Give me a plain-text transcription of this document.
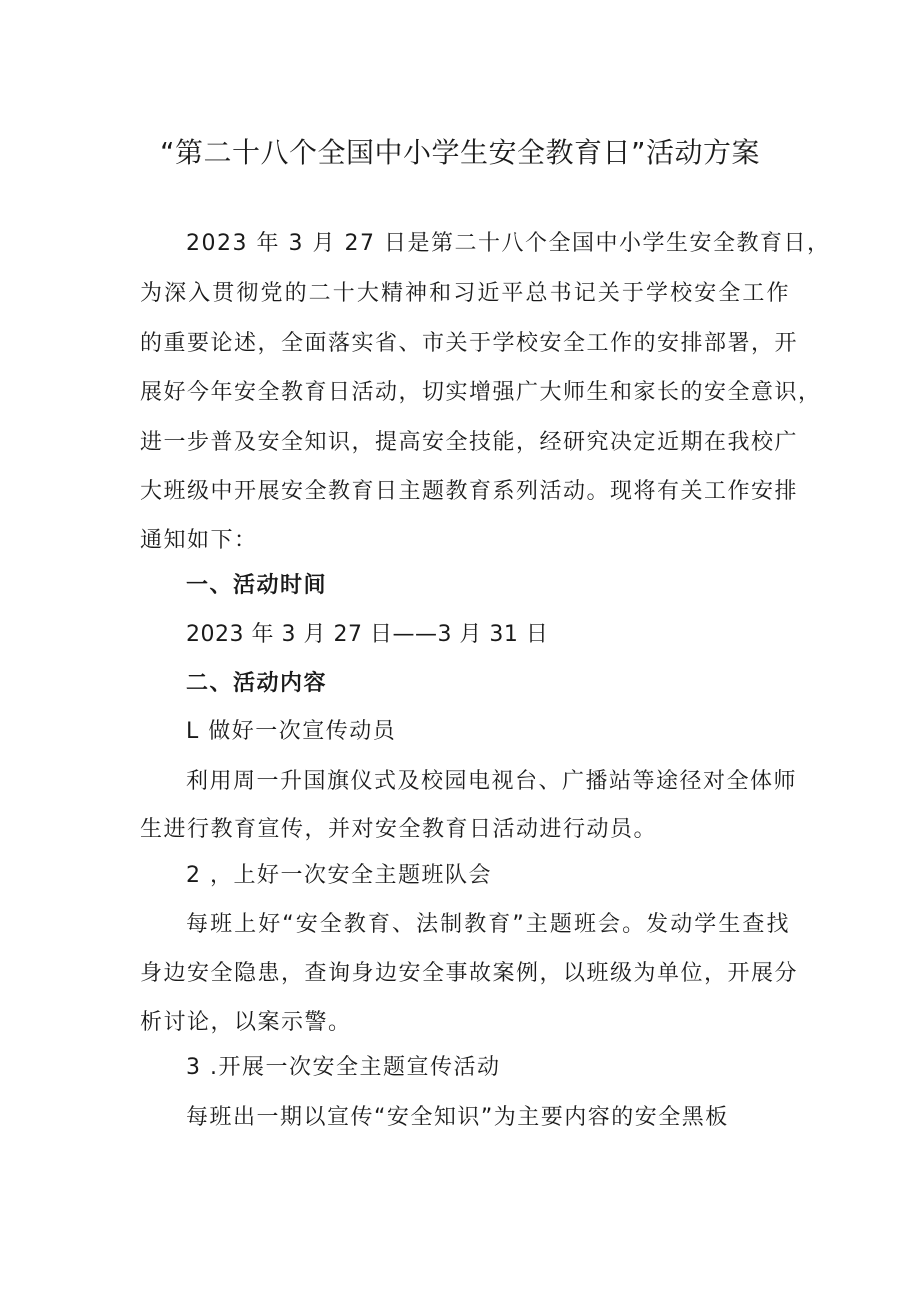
“第二十八个全国中小学生安全教育日”活动方案
2023 年 3 月 27 日是第二十八个全国中小学生安全教育日，
为深入贯彻党的二十大精神和习近平总书记关于学校安全工作
的重要论述，全面落实省、市关于学校安全工作的安排部署，开
展好今年安全教育日活动，切实增强广大师生和家长的安全意识，
进一步普及安全知识，提高安全技能，经研究决定近期在我校广
大班级中开展安全教育日主题教育系列活动。现将有关工作安排
通知如下：
一、活动时间
2023 年 3 月 27 日——3 月 31 日
二、活动内容
L 做好一次宣传动员
利用周一升国旗仪式及校园电视台、广播站等途径对全体师
生进行教育宣传，并对安全教育日活动进行动员。
2 ，上好一次安全主题班队会
每班上好“安全教育、法制教育”主题班会。发动学生查找
身边安全隐患，查询身边安全事故案例，以班级为单位，开展分
析讨论，以案示警。
3 .开展一次安全主题宣传活动
每班出一期以宣传“安全知识”为主要内容的安全黑板
